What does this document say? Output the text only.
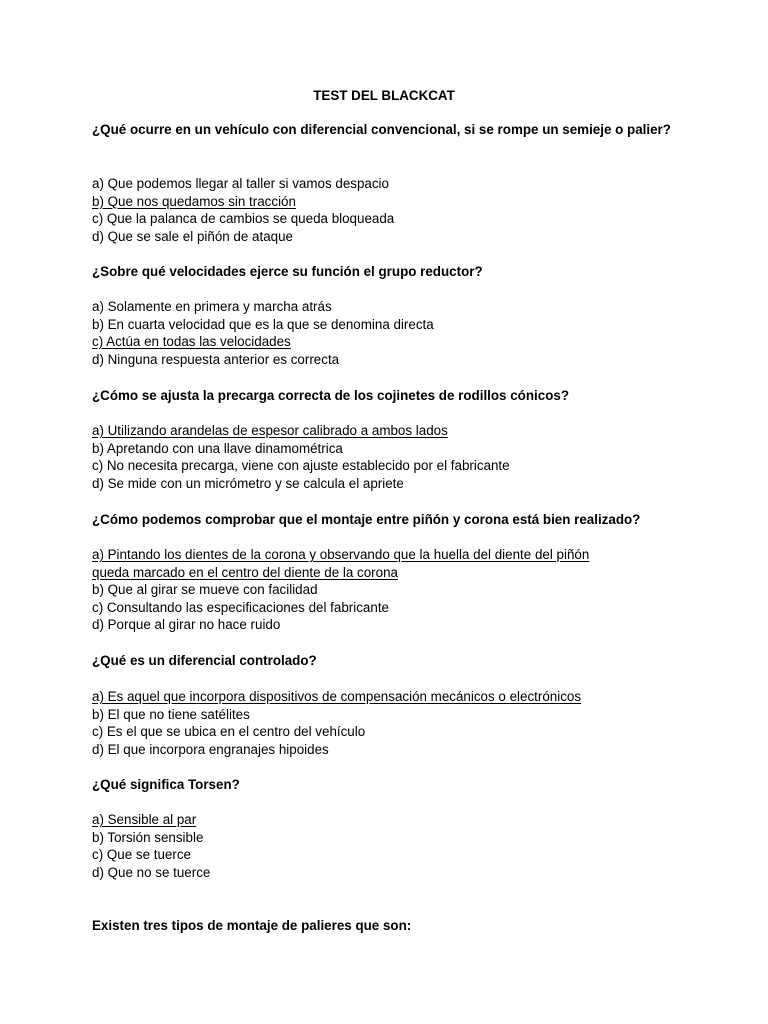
TEST DEL BLACKCAT
¿Qué ocurre en un vehículo con diferencial convencional, si se rompe un semieje o palier?
a) Que podemos llegar al taller si vamos despacio
b) Que nos quedamos sin tracción
c) Que la palanca de cambios se queda bloqueada
d) Que se sale el piñón de ataque
¿Sobre qué velocidades ejerce su función el grupo reductor?
a) Solamente en primera y marcha atrás
b) En cuarta velocidad que es la que se denomina directa
c) Actúa en todas las velocidades
d) Ninguna respuesta anterior es correcta
¿Cómo se ajusta la precarga correcta de los cojinetes de rodillos cónicos?
a) Utilizando arandelas de espesor calibrado a ambos lados
b) Apretando con una llave dinamométrica
c) No necesita precarga, viene con ajuste establecido por el fabricante
d) Se mide con un micrómetro y se calcula el apriete
¿Cómo podemos comprobar que el montaje entre piñón y corona está bien realizado?
a) Pintando los dientes de la corona y observando que la huella del diente del piñón
queda marcado en el centro del diente de la corona
b) Que al girar se mueve con facilidad
c) Consultando las especificaciones del fabricante
d) Porque al girar no hace ruido
¿Qué es un diferencial controlado?
a) Es aquel que incorpora dispositivos de compensación mecánicos o electrónicos
b) El que no tiene satélites
c) Es el que se ubica en el centro del vehículo
d) El que incorpora engranajes hipoides
¿Qué significa Torsen?
a) Sensible al par
b) Torsión sensible
c) Que se tuerce
d) Que no se tuerce
Existen tres tipos de montaje de palieres que son:
